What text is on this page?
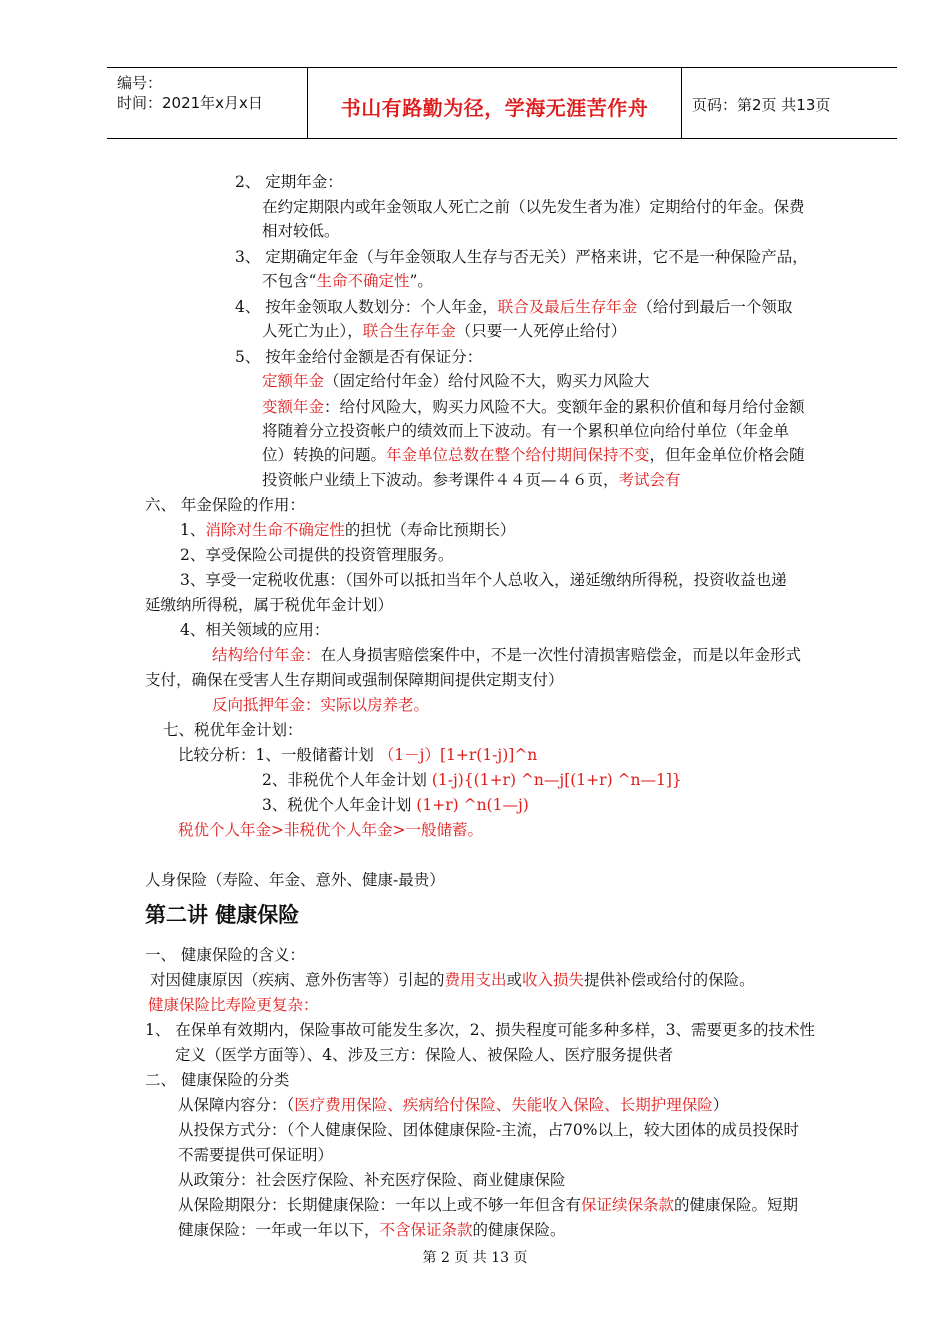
编号：
时间：2021年x月x日	书山有路勤为径，学海无涯苦作舟	页码：第2页 共13页
2、 定期年金：
在约定期限内或年金领取人死亡之前（以先发生者为准）定期给付的年金。保费
相对较低。
3、 定期确定年金（与年金领取人生存与否无关）严格来讲，它不是一种保险产品，
不包含“生命不确定性”。
4、 按年金领取人数划分：个人年金，联合及最后生存年金（给付到最后一个领取
人死亡为止），联合生存年金（只要一人死停止给付）
5、 按年金给付金额是否有保证分：
定额年金（固定给付年金）给付风险不大，购买力风险大
变额年金：给付风险大，购买力风险不大。变额年金的累积价值和每月给付金额
将随着分立投资帐户的绩效而上下波动。有一个累积单位向给付单位（年金单
位）转换的问题。年金单位总数在整个给付期间保持不变，但年金单位价格会随
投资帐户业绩上下波动。参考课件４４页—４６页，考试会有
六、 年金保险的作用：
1、消除对生命不确定性的担忧（寿命比预期长）
2、享受保险公司提供的投资管理服务。
3、享受一定税收优惠：（国外可以抵扣当年个人总收入，递延缴纳所得税，投资收益也递
延缴纳所得税，属于税优年金计划）
4、相关领域的应用：
结构给付年金：在人身损害赔偿案件中，不是一次性付清损害赔偿金，而是以年金形式
支付，确保在受害人生存期间或强制保障期间提供定期支付）
反向抵押年金：实际以房养老。
七、税优年金计划：
比较分析：1、一般储蓄计划 （1－j）[1+r(1-j)]^n
2、非税优个人年金计划 (1-j){(1+r) ^n—j[(1+r) ^n—1]}
3、税优个人年金计划 (1+r) ^n(1—j)
税优个人年金>非税优个人年金>一般储蓄。
人身保险（寿险、年金、意外、健康-最贵）
第二讲 健康保险
一、 健康保险的含义：
对因健康原因（疾病、意外伤害等）引起的费用支出或收入损失提供补偿或给付的保险。
健康保险比寿险更复杂：
1、 在保单有效期内，保险事故可能发生多次，2、损失程度可能多种多样，3、需要更多的技术性
定义（医学方面等）、4、涉及三方：保险人、被保险人、医疗服务提供者
二、 健康保险的分类
从保障内容分：（医疗费用保险、疾病给付保险、失能收入保险、长期护理保险）
从投保方式分：（个人健康保险、团体健康保险-主流，占70%以上，较大团体的成员投保时
不需要提供可保证明）
从政策分：社会医疗保险、补充医疗保险、商业健康保险
从保险期限分：长期健康保险：一年以上或不够一年但含有保证续保条款的健康保险。短期
健康保险：一年或一年以下，不含保证条款的健康保险。
第 2 页 共 13 页
